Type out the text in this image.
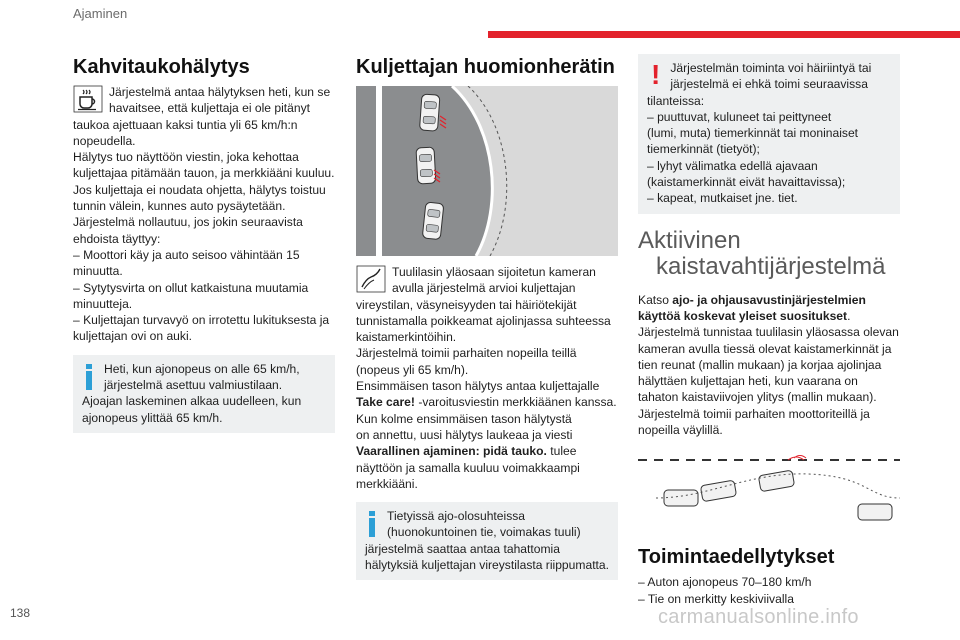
Ajaminen
Kahvitaukohälytys
Järjestelmä antaa hälytyksen heti, kun se
havaitsee, että kuljettaja ei ole pitänyt
taukoa ajettuaan kaksi tuntia yli 65 km/h:n
nopeudella.
Hälytys tuo näyttöön viestin, joka kehottaa
kuljettajaa pitämään tauon, ja merkkiääni kuuluu.
Jos kuljettaja ei noudata ohjetta, hälytys toistuu
tunnin välein, kunnes auto pysäytetään.
Järjestelmä nollautuu, jos jokin seuraavista
ehdoista täyttyy:
– Moottori käy ja auto seisoo vähintään 15
minuutta.
– Sytytysvirta on ollut katkaistuna muutamia
minuutteja.
– Kuljettajan turvavyö on irrotettu lukituksesta ja
kuljettajan ovi on auki.
Heti, kun ajonopeus on alle 65 km/h,
järjestelmä asettuu valmiustilaan.
Ajoajan laskeminen alkaa uudelleen, kun
ajonopeus ylittää 65 km/h.
Kuljettajan huomionherätin
Tuulilasin yläosaan sijoitetun kameran
avulla järjestelmä arvioi kuljettajan
vireystilan, väsyneisyyden tai häiriötekijät
tunnistamalla poikkeamat ajolinjassa suhteessa
kaistamerkintöihin.
Järjestelmä toimii parhaiten nopeilla teillä
(nopeus yli 65 km/h).
Ensimmäisen tason hälytys antaa kuljettajalle
Take care! -varoitusviestin merkkiäänen kanssa.
Kun kolme ensimmäisen tason hälytystä
on annettu, uusi hälytys laukeaa ja viesti
Vaarallinen ajaminen: pidä tauko. tulee
näyttöön ja samalla kuuluu voimakkaampi
merkkiääni.
Tietyissä ajo-olosuhteissa
(huonokuntoinen tie, voimakas tuuli)
järjestelmä saattaa antaa tahattomia
hälytyksiä kuljettajan vireystilasta riippumatta.
! Järjestelmän toiminta voi häiriintyä tai
järjestelmä ei ehkä toimi seuraavissa
tilanteissa:
– puuttuvat, kuluneet tai peittyneet
(lumi, muta) tiemerkinnät tai moninaiset
tiemerkinnät (tietyöt);
– lyhyt välimatka edellä ajavaan
(kaistamerkinnät eivät havaittavissa);
– kapeat, mutkaiset jne. tiet.
Aktiivinen
kaistavahtijärjestelmä
Katso ajo- ja ohjausavustinjärjestelmien
käyttöä koskevat yleiset suositukset.
Järjestelmä tunnistaa tuulilasin yläosassa olevan
kameran avulla tiessä olevat kaistamerkinnät ja
tien reunat (mallin mukaan) ja korjaa ajolinjaa
hälyttäen kuljettajan heti, kun vaarana on
tahaton kaistaviivojen ylitys (mallin mukaan).
Järjestelmä toimii parhaiten moottoriteillä ja
nopeilla väylillä.
Toimintaedellytykset
– Auton ajonopeus 70–180 km/h
– Tie on merkitty keskiviivalla
138	carmanualsonline.info
